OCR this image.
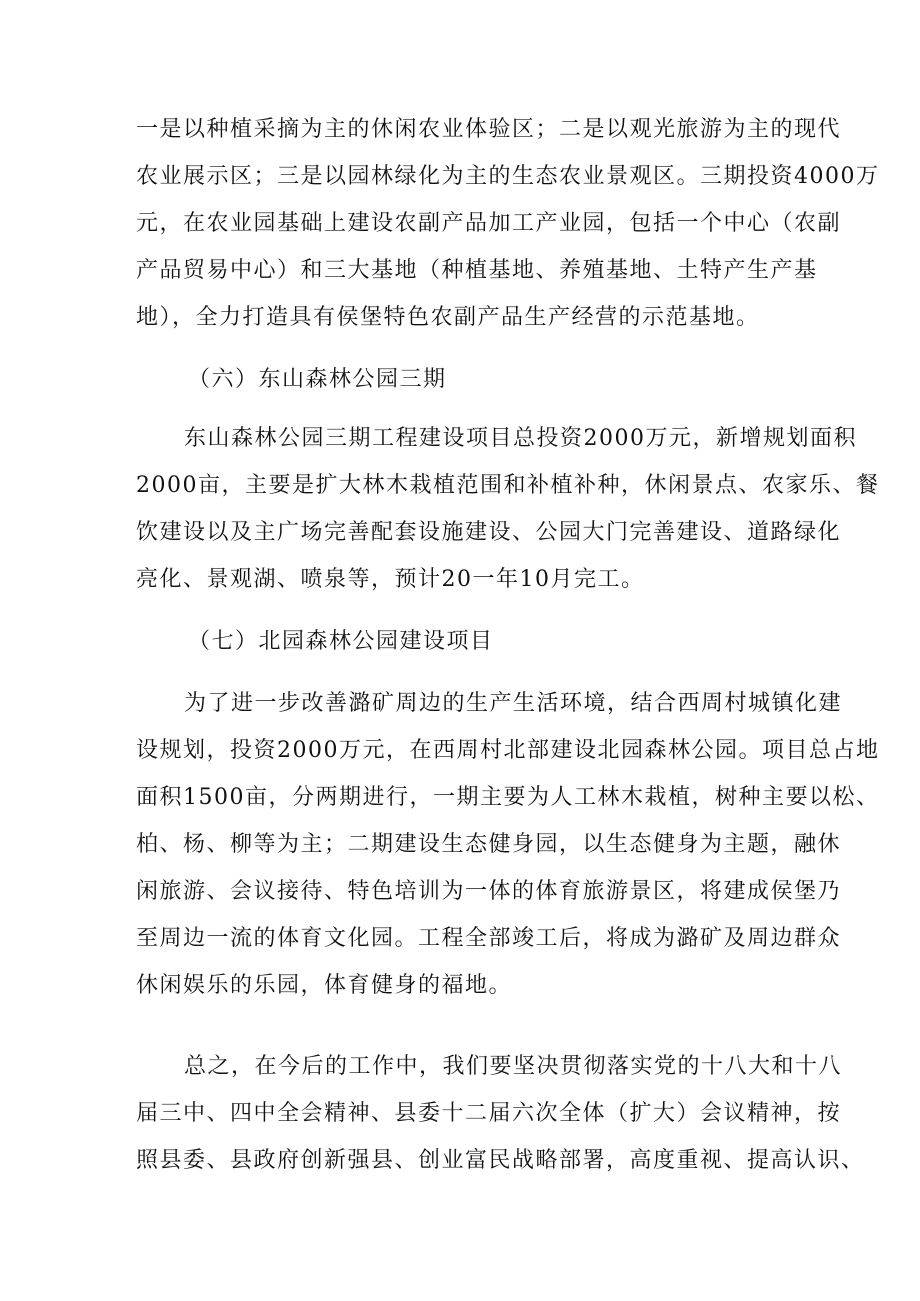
一是以种植采摘为主的休闲农业体验区；二是以观光旅游为主的现代
农业展示区；三是以园林绿化为主的生态农业景观区。三期投资4000万
元，在农业园基础上建设农副产品加工产业园，包括一个中心（农副
产品贸易中心）和三大基地（种植基地、养殖基地、土特产生产基
地），全力打造具有侯堡特色农副产品生产经营的示范基地。
（六）东山森林公园三期
东山森林公园三期工程建设项目总投资2000万元，新增规划面积
2000亩，主要是扩大林木栽植范围和补植补种，休闲景点、农家乐、餐
饮建设以及主广场完善配套设施建设、公园大门完善建设、道路绿化
亮化、景观湖、喷泉等，预计20一年10月完工。
（七）北园森林公园建设项目
为了进一步改善潞矿周边的生产生活环境，结合西周村城镇化建
设规划，投资2000万元，在西周村北部建设北园森林公园。项目总占地
面积1500亩，分两期进行，一期主要为人工林木栽植，树种主要以松、
柏、杨、柳等为主；二期建设生态健身园，以生态健身为主题，融休
闲旅游、会议接待、特色培训为一体的体育旅游景区，将建成侯堡乃
至周边一流的体育文化园。工程全部竣工后，将成为潞矿及周边群众
休闲娱乐的乐园，体育健身的福地。
总之，在今后的工作中，我们要坚决贯彻落实党的十八大和十八
届三中、四中全会精神、县委十二届六次全体（扩大）会议精神，按
照县委、县政府创新强县、创业富民战略部署，高度重视、提高认识、
